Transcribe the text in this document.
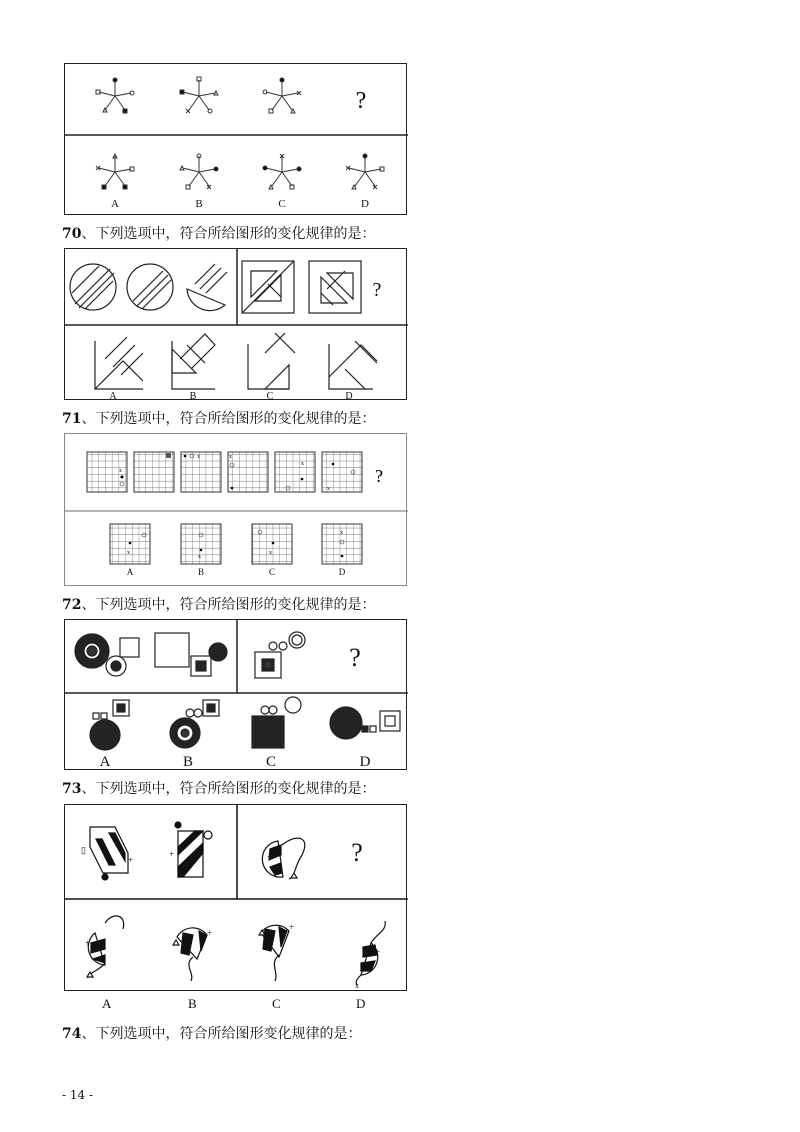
?
A	B	C	D
70、下列选项中，符合所给图形的变化规律的是：
?
A	B	C	D
71、下列选项中，符合所给图形的变化规律的是：
x
x	x
x
x
?
x
x
x
x
A	B	C	D
72、下列选项中，符合所给图形的变化规律的是：
?
A	B	C	D
73、下列选项中，符合所给图形的变化规律的是：
▯
+
+	+	?
+
+
+
+
x
A	B	C	D
74、下列选项中，符合所给图形变化规律的是：
- 14 -
